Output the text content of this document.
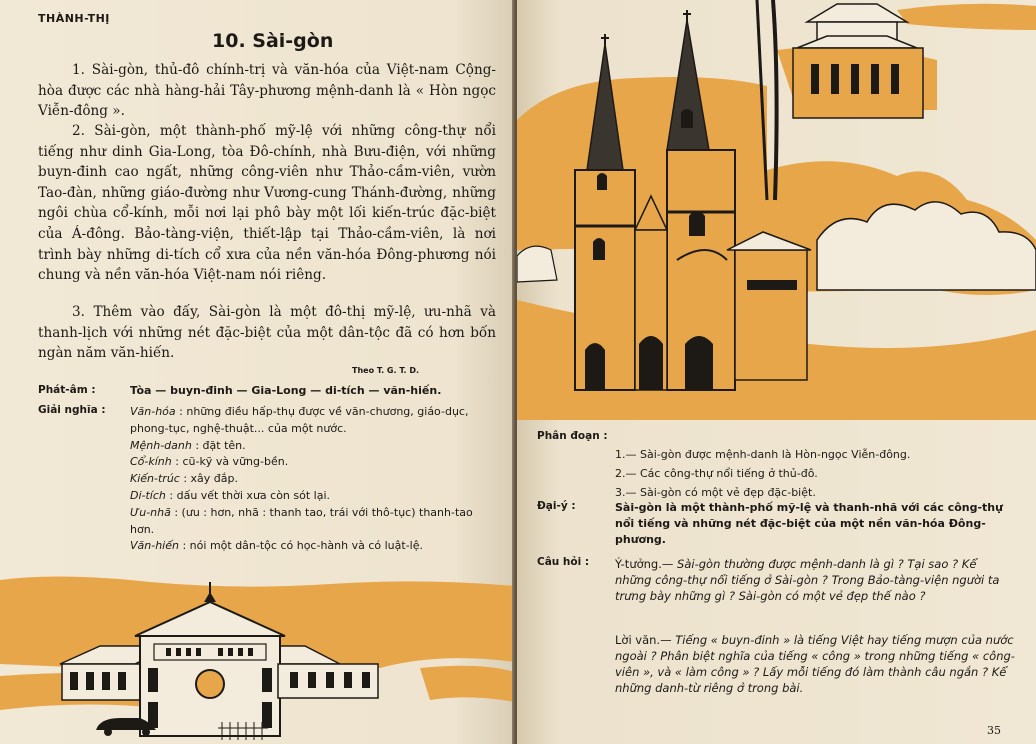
THÀNH-THỊ
10. Sài-gòn

1. Sài-gòn, thủ-đô chính-trị và văn-hóa của Việt-nam Cộng-hòa được các nhà hàng-hải Tây-phương mệnh-danh là « Hòn ngọc Viễn-đông ».

2. Sài-gòn, một thành-phố mỹ-lệ với những công-thự nổi tiếng như dinh Gia-Long, tòa Đô-chính, nhà Bưu-điện, với những buyn-đinh cao ngất, những công-viên như Thảo-cầm-viên, vườn Tao-đàn, những giáo-đường như Vương-cung Thánh-đường, những ngôi chùa cổ-kính, mỗi nơi lại phô bày một lối kiến-trúc đặc-biệt của Á-đông. Bảo-tàng-viện, thiết-lập tại Thảo-cầm-viên, là nơi trình bày những di-tích cổ xưa của nền văn-hóa Đông-phương nói chung và nền văn-hóa Việt-nam nói riêng.

3. Thêm vào đấy, Sài-gòn là một đô-thị mỹ-lệ, ưu-nhã và thanh-lịch với những nét đặc-biệt của một dân-tộc đã có hơn bốn ngàn năm văn-hiến.

Theo T. G. T. D.
Phát-âm :	Tòa — buyn-đinh — Gia-Long — di-tích — văn-hiến.
Giải nghĩa : Văn-hóa : những điều hấp-thụ được về văn-chương, giáo-dục, phong-tục, nghệ-thuật... của một nước.
Mệnh-danh : đặt tên.
Cổ-kính : cũ-kỹ và vững-bền.
Kiến-trúc : xây đắp.
Di-tích : dấu vết thời xưa còn sót lại.
Ưu-nhã : (ưu : hơn, nhã : thanh tao, trái với thô-tục) thanh-tao hơn.
Văn-hiến : nói một dân-tộc có học-hành và có luật-lệ.
Phân đoạn :
1.— Sài-gòn được mệnh-danh là Hòn-ngọc Viễn-đông.
2.— Các công-thự nổi tiếng ở thủ-đô.
3.— Sài-gòn có một vẻ đẹp đặc-biệt.
Đại-ý :	Sài-gòn là một thành-phố mỹ-lệ và thanh-nhã với các công-thự nổi tiếng và những nét đặc-biệt của một nền văn-hóa Đông-phương.
Câu hỏi : Ý-tưởng.— Sài-gòn thường được mệnh-danh là gì ? Tại sao ? Kể những công-thự nổi tiếng ở Sài-gòn ? Trong Bảo-tàng-viện người ta trưng bày những gì ? Sài-gòn có một vẻ đẹp thế nào ?
Lời văn.— Tiếng « buyn-đinh » là tiếng Việt hay tiếng mượn của nước ngoài ? Phân biệt nghĩa của tiếng « công » trong những tiếng « công-viên », và « làm công » ? Lấy mỗi tiếng đó làm thành câu ngắn ? Kể những danh-từ riêng ở trong bài.
35
